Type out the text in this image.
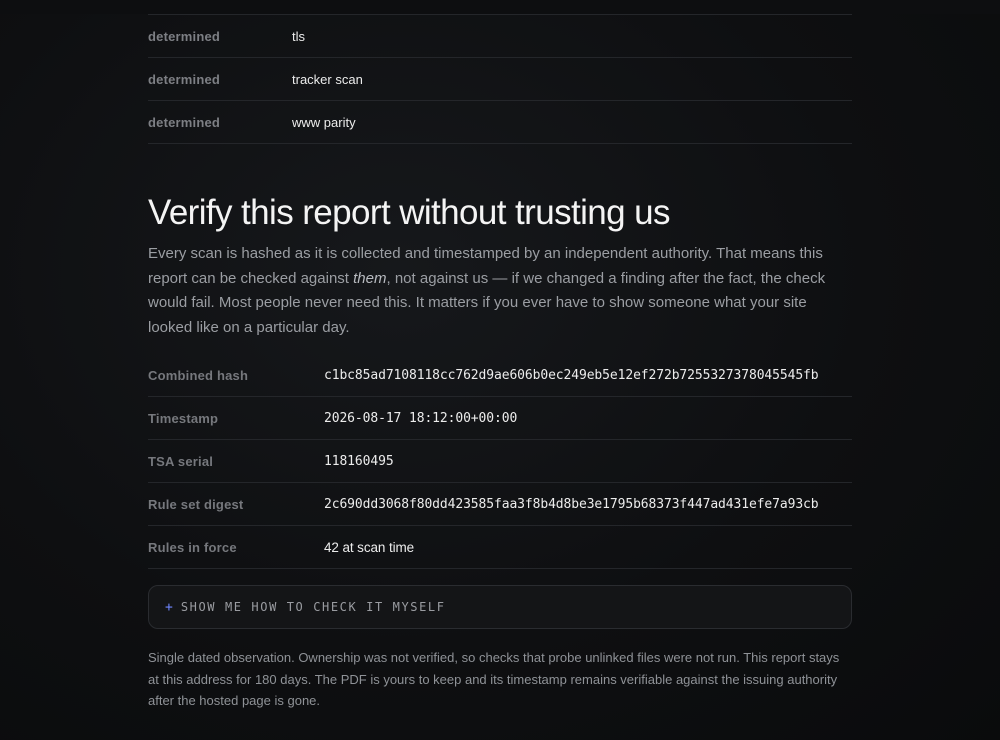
determined	tls
determined	tracker scan
determined	www parity
Verify this report without trusting us

Every scan is hashed as it is collected and timestamped by an independent authority. That means this report can be checked against them, not against us — if we changed a finding after the fact, the check would fail. Most people never need this. It matters if you ever have to show someone what your site looked like on a particular day.

Combined hash	c1bc85ad7108118cc762d9ae606b0ec249eb5e12ef272b7255327378045545fb
Timestamp	2026-08-17 18:12:00+00:00
TSA serial	118160495
Rule set digest	2c690dd3068f80dd423585faa3f8b4d8be3e1795b68373f447ad431efe7a93cb
Rules in force	42 at scan time
+ SHOW ME HOW TO CHECK IT MYSELF

Single dated observation. Ownership was not verified, so checks that probe unlinked files were not run. This report stays at this address for 180 days. The PDF is yours to keep and its timestamp remains verifiable against the issuing authority after the hosted page is gone.
